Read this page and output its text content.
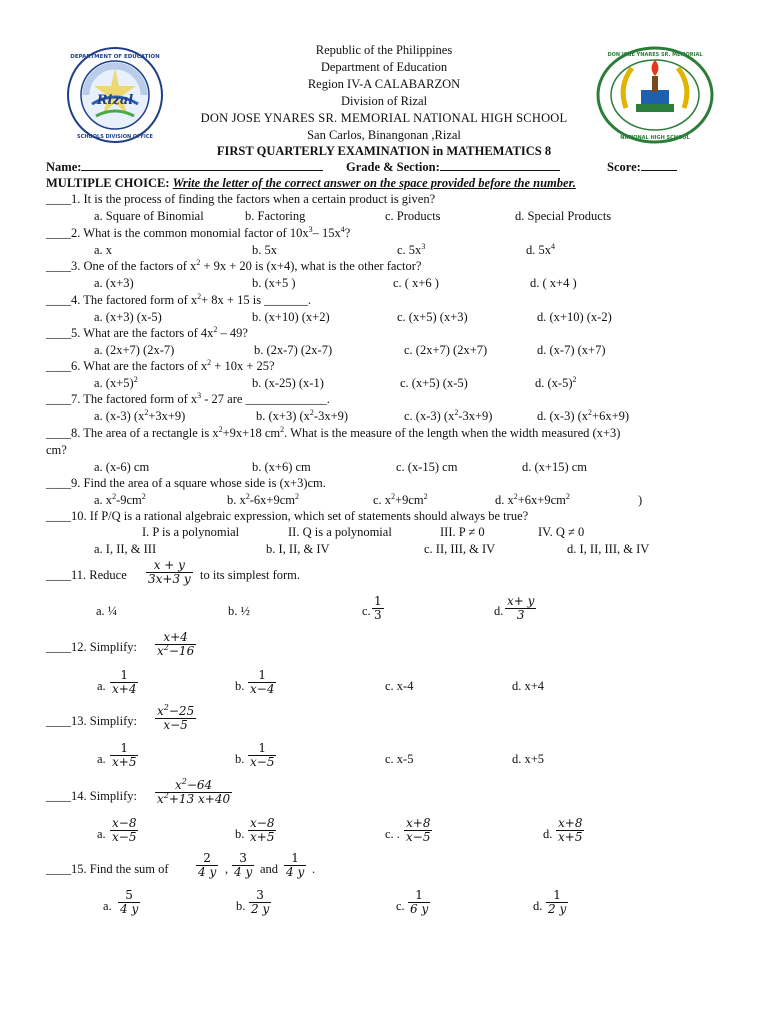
Rizal
DEPARTMENT OF EDUCATION
SCHOOLS DIVISION OFFICE
DON JOSE YNARES SR. MEMORIAL
NATIONAL HIGH SCHOOL
Republic of the Philippines
Department of Education
Region IV-A CALABARZON
Division of Rizal
DON JOSE YNARES SR. MEMORIAL NATIONAL HIGH SCHOOL
San Carlos, Binangonan ,Rizal
FIRST QUARTERLY EXAMINATION in MATHEMATICS 8
Name:	Grade & Section:	Score:
MULTIPLE CHOICE: Write the letter of the correct answer on the space provided before the number.
____1. It is the process of finding the factors when a certain product is given?
a. Square of Binomial	b. Factoring	c. Products	d. Special Products
____2. What is the common monomial factor of $10x^3-$ $15x^4$?
a. x	b. 5x	c. $5x^3$	d. $5x^4$
____3. One of the factors of $x^2 + 9x + 20$ is (x+4), what is the other factor?
a. (x+3)	b. (x+5 )	c. ( x+6 )	d. ( x+4 )
____4. The factored form of $x^2+ 8x + 15$ is _______.
a. (x+3) (x-5)	b. (x+10) (x+2)	c. (x+5) (x+3)	d. (x+10) (x-2)
____5. What are the factors of $4x^2 - 49$?
a. (2x+7) (2x-7)	b. (2x-7) (2x-7)	c. (2x+7) (2x+7)	d. (x-7) (x+7)
____6. What are the factors of $x^2 + 10x + 25$?
a. $(x+5)^2$	b. (x-25) (x-1)	c. (x+5) (x-5)	d. $(x-5)^2$
____7. The factored form of $x^3 - 27$ are _____________.
a. (x-3) $(x^2+3x+9)$	b. (x+3) $(x^2-3x+9)$	c. (x-3) $(x^2-3x+9)$	d. (x-3) $(x^2+6x+9)$
____8. The area of a rectangle is $x^2+9x+18$ $cm^2$. What is the measure of the length when the width measured (x+3)
cm?
a. (x-6) cm	b. (x+6) cm	c. (x-15) cm	d. (x+15) cm
____9. Find the area of a square whose side is (x+3)cm.
a. $x^2-9cm^2$	b. $x^2-6x+9cm^2$	c. $x^2+9cm^2$	d. $x^2+6x+9cm^2$	)
____10. If P/Q is a rational algebraic expression, which set of statements should always be true?
I. P is a polynomial	II. Q is a polynomial	III. P ≠ 0	IV. Q ≠ 0
a. I, II, & III	b. I, II, & IV	c. II, III, & IV	d. I, II, III, & IV
____11. Reduce $\frac{x + y}{3x+3 y}$ to its simplest form.
a. ¼	b. ½	c. $\frac{1}{3}$	d. $\frac{x+ y}{3}$
____12. Simplify: $\frac{x+4}{x^2-16}$
a. $\frac{1}{x+4}$	b. $\frac{1}{x-4}$	c. x-4	d. x+4
____13. Simplify: $\frac{x^2-25}{x-5}$
a. $\frac{1}{x+5}$	b. $\frac{1}{x-5}$	c. x-5	d. x+5
____14. Simplify: $\frac{x^2-64}{x^2+13 x+40}$
a. $\frac{x-8}{x-5}$	b. $\frac{x-8}{x+5}$	c. . $\frac{x+8}{x-5}$	d. $\frac{x+8}{x+5}$
____15. Find the sum of $\frac{2}{4 y}$ , $\frac{3}{4 y}$ and $\frac{1}{4 y}$ .
a. $\frac{5}{4 y}$	b. $\frac{3}{2 y}$	c. $\frac{1}{6 y}$	d. $\frac{1}{2 y}$
